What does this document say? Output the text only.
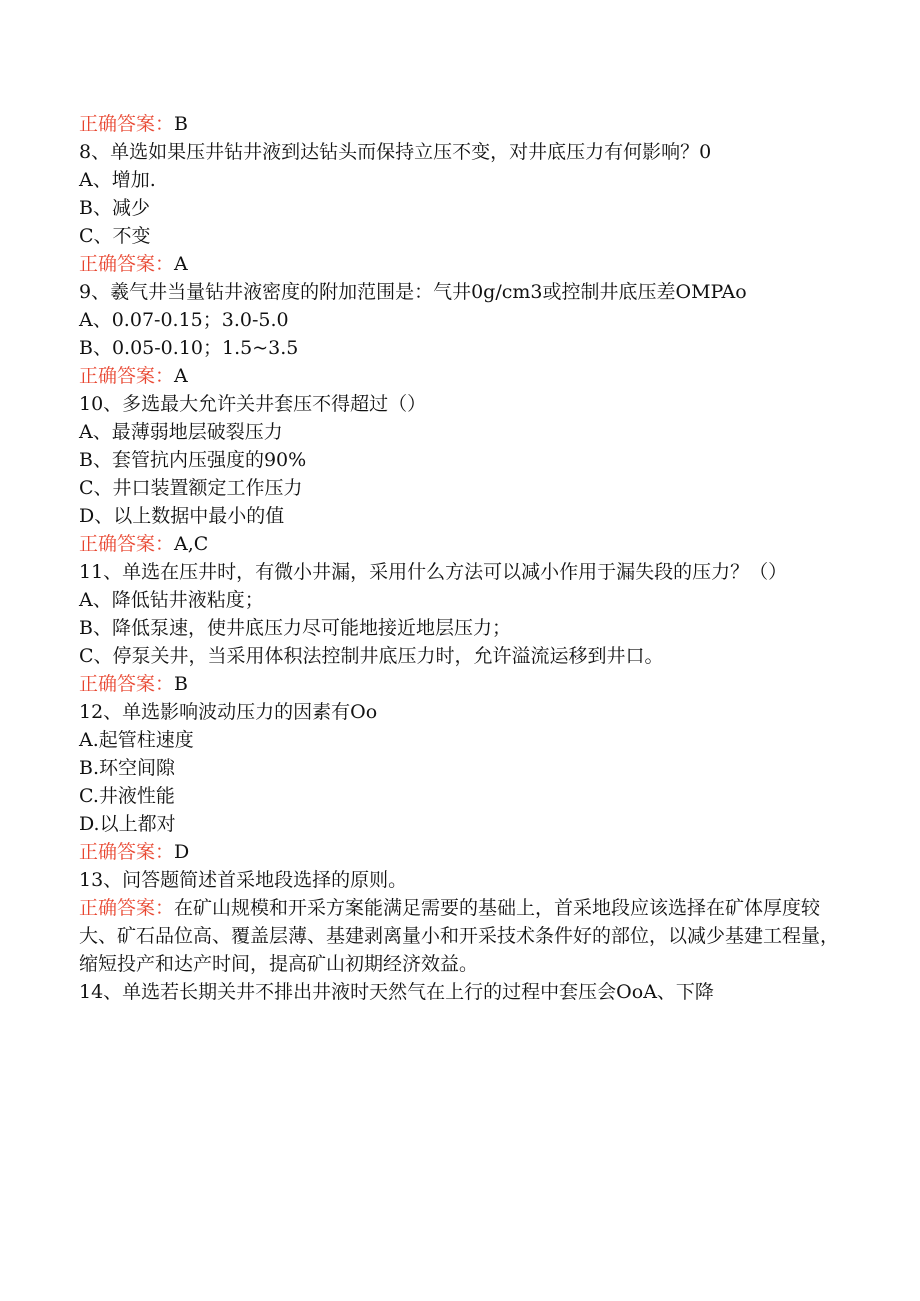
正确答案：B

8、单选如果压井钻井液到达钻头而保持立压不变，对井底压力有何影响？0

A、增加.

B、减少

C、不变

正确答案：A

9、羲气井当量钻井液密度的附加范围是：气井0g/cm3或控制井底压差OMPAo

A、0.07-0.15；3.0-5.0

B、0.05-0.10；1.5~3.5

正确答案：A

10、多选最大允许关井套压不得超过（）

A、最薄弱地层破裂压力

B、套管抗内压强度的90%

C、井口装置额定工作压力

D、以上数据中最小的值

正确答案：A,C

11、单选在压井时，有微小井漏，采用什么方法可以减小作用于漏失段的压力？（）

A、降低钻井液粘度；

B、降低泵速，使井底压力尽可能地接近地层压力；

C、停泵关井，当采用体积法控制井底压力时，允许溢流运移到井口。

正确答案：B

12、单选影响波动压力的因素有Oo

A.起管柱速度

B.环空间隙

C.井液性能

D.以上都对

正确答案：D

13、问答题简述首采地段选择的原则。

正确答案：在矿山规模和开采方案能满足需要的基础上，首采地段应该选择在矿体厚度较大、矿石品位高、覆盖层薄、基建剥离量小和开采技术条件好的部位，以减少基建工程量，缩短投产和达产时间，提高矿山初期经济效益。

14、单选若长期关井不排出井液时天然气在上行的过程中套压会OoA、下降
